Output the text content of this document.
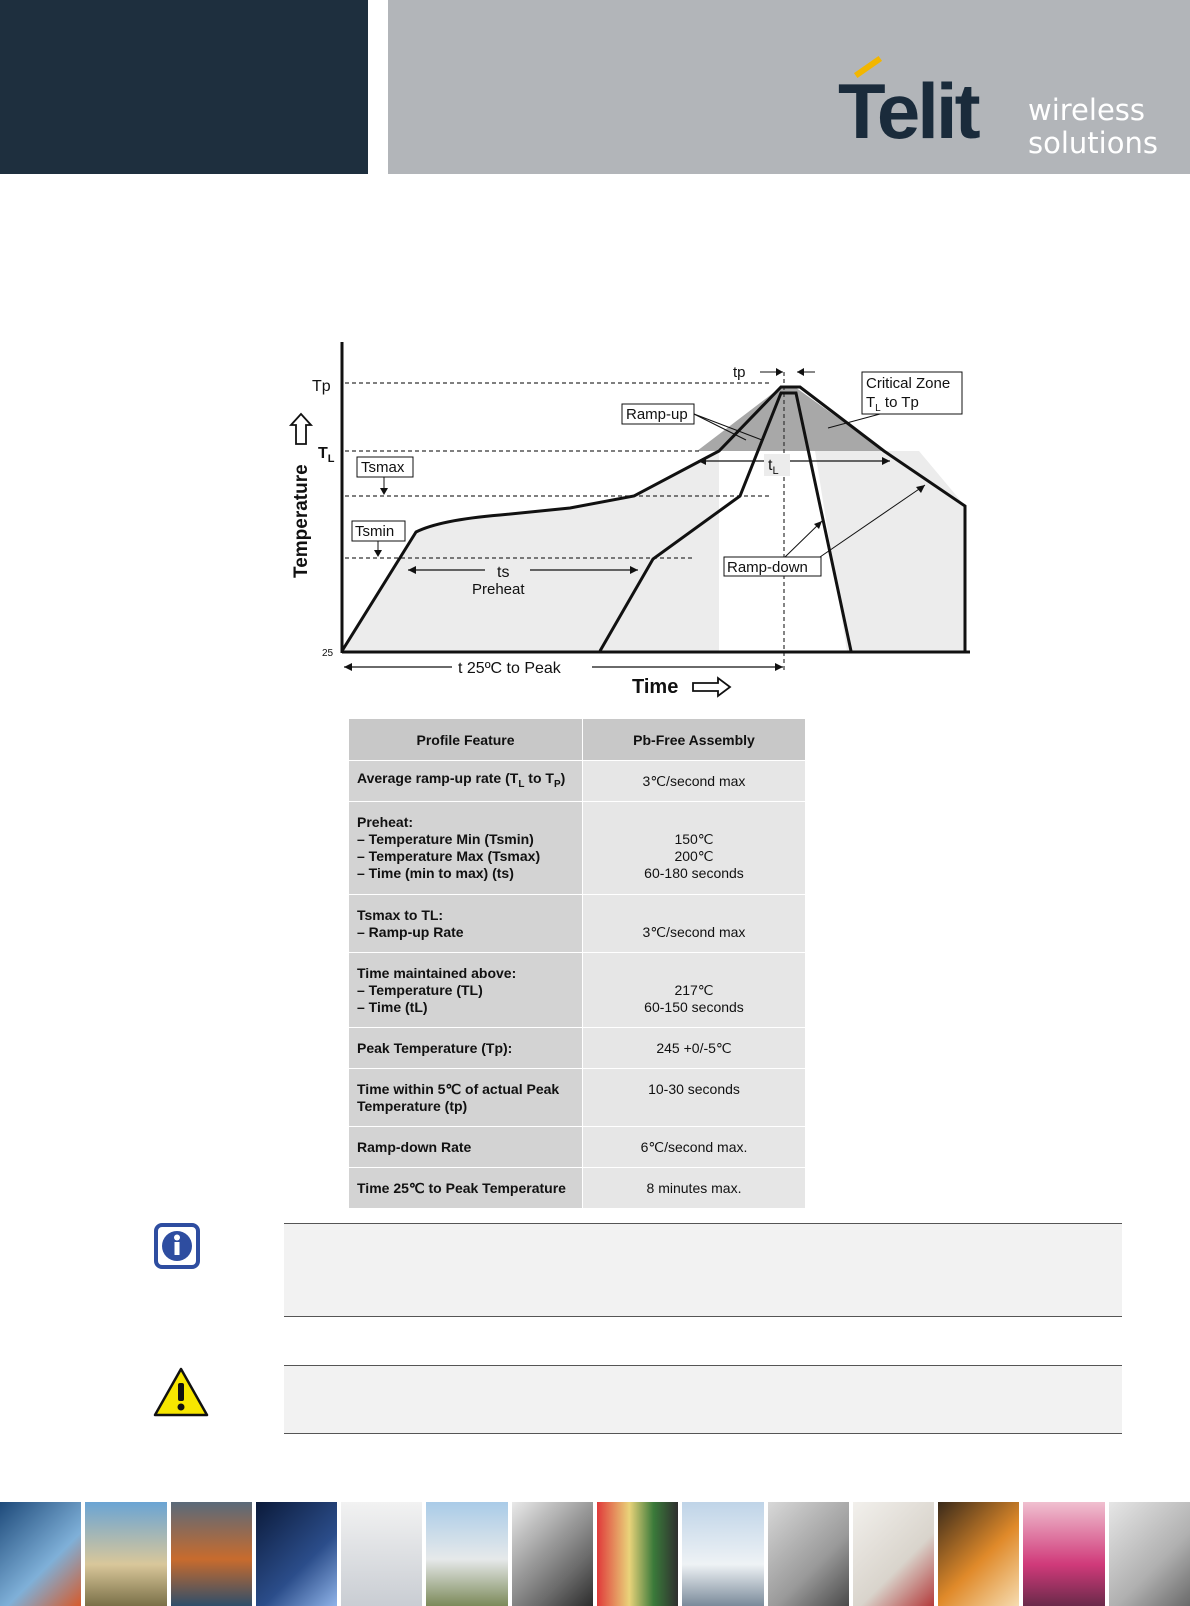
Telit wireless
solutions
Tp
$T_L$
25
Temperature	Tsmax
Tsmin
ts
Preheat
Ramp-up
tp
$t_L$
Critical Zone
$T_L$ to Tp
Ramp-down
t 25ºC to Peak
Time
Profile Feature	Pb-Free Assembly
Average ramp-up rate ($T_L$ to $T_P$)	3℃/second max

Preheat:
– Temperature Min (Tsmin)
– Temperature Max (Tsmax)
– Time (min to max) (ts)	150℃
200℃
60-180 seconds

Tsmax to TL:
– Ramp-up Rate	3℃/second max

Time maintained above:
– Temperature (TL)
– Time (tL)	217℃
60-150 seconds

Peak Temperature (Tp):	245 +0/-5℃

Time within 5℃ of actual Peak
Temperature (tp)	10-30 seconds

Ramp-down Rate	6℃/second max.

Time 25℃ to Peak Temperature	8 minutes max.
